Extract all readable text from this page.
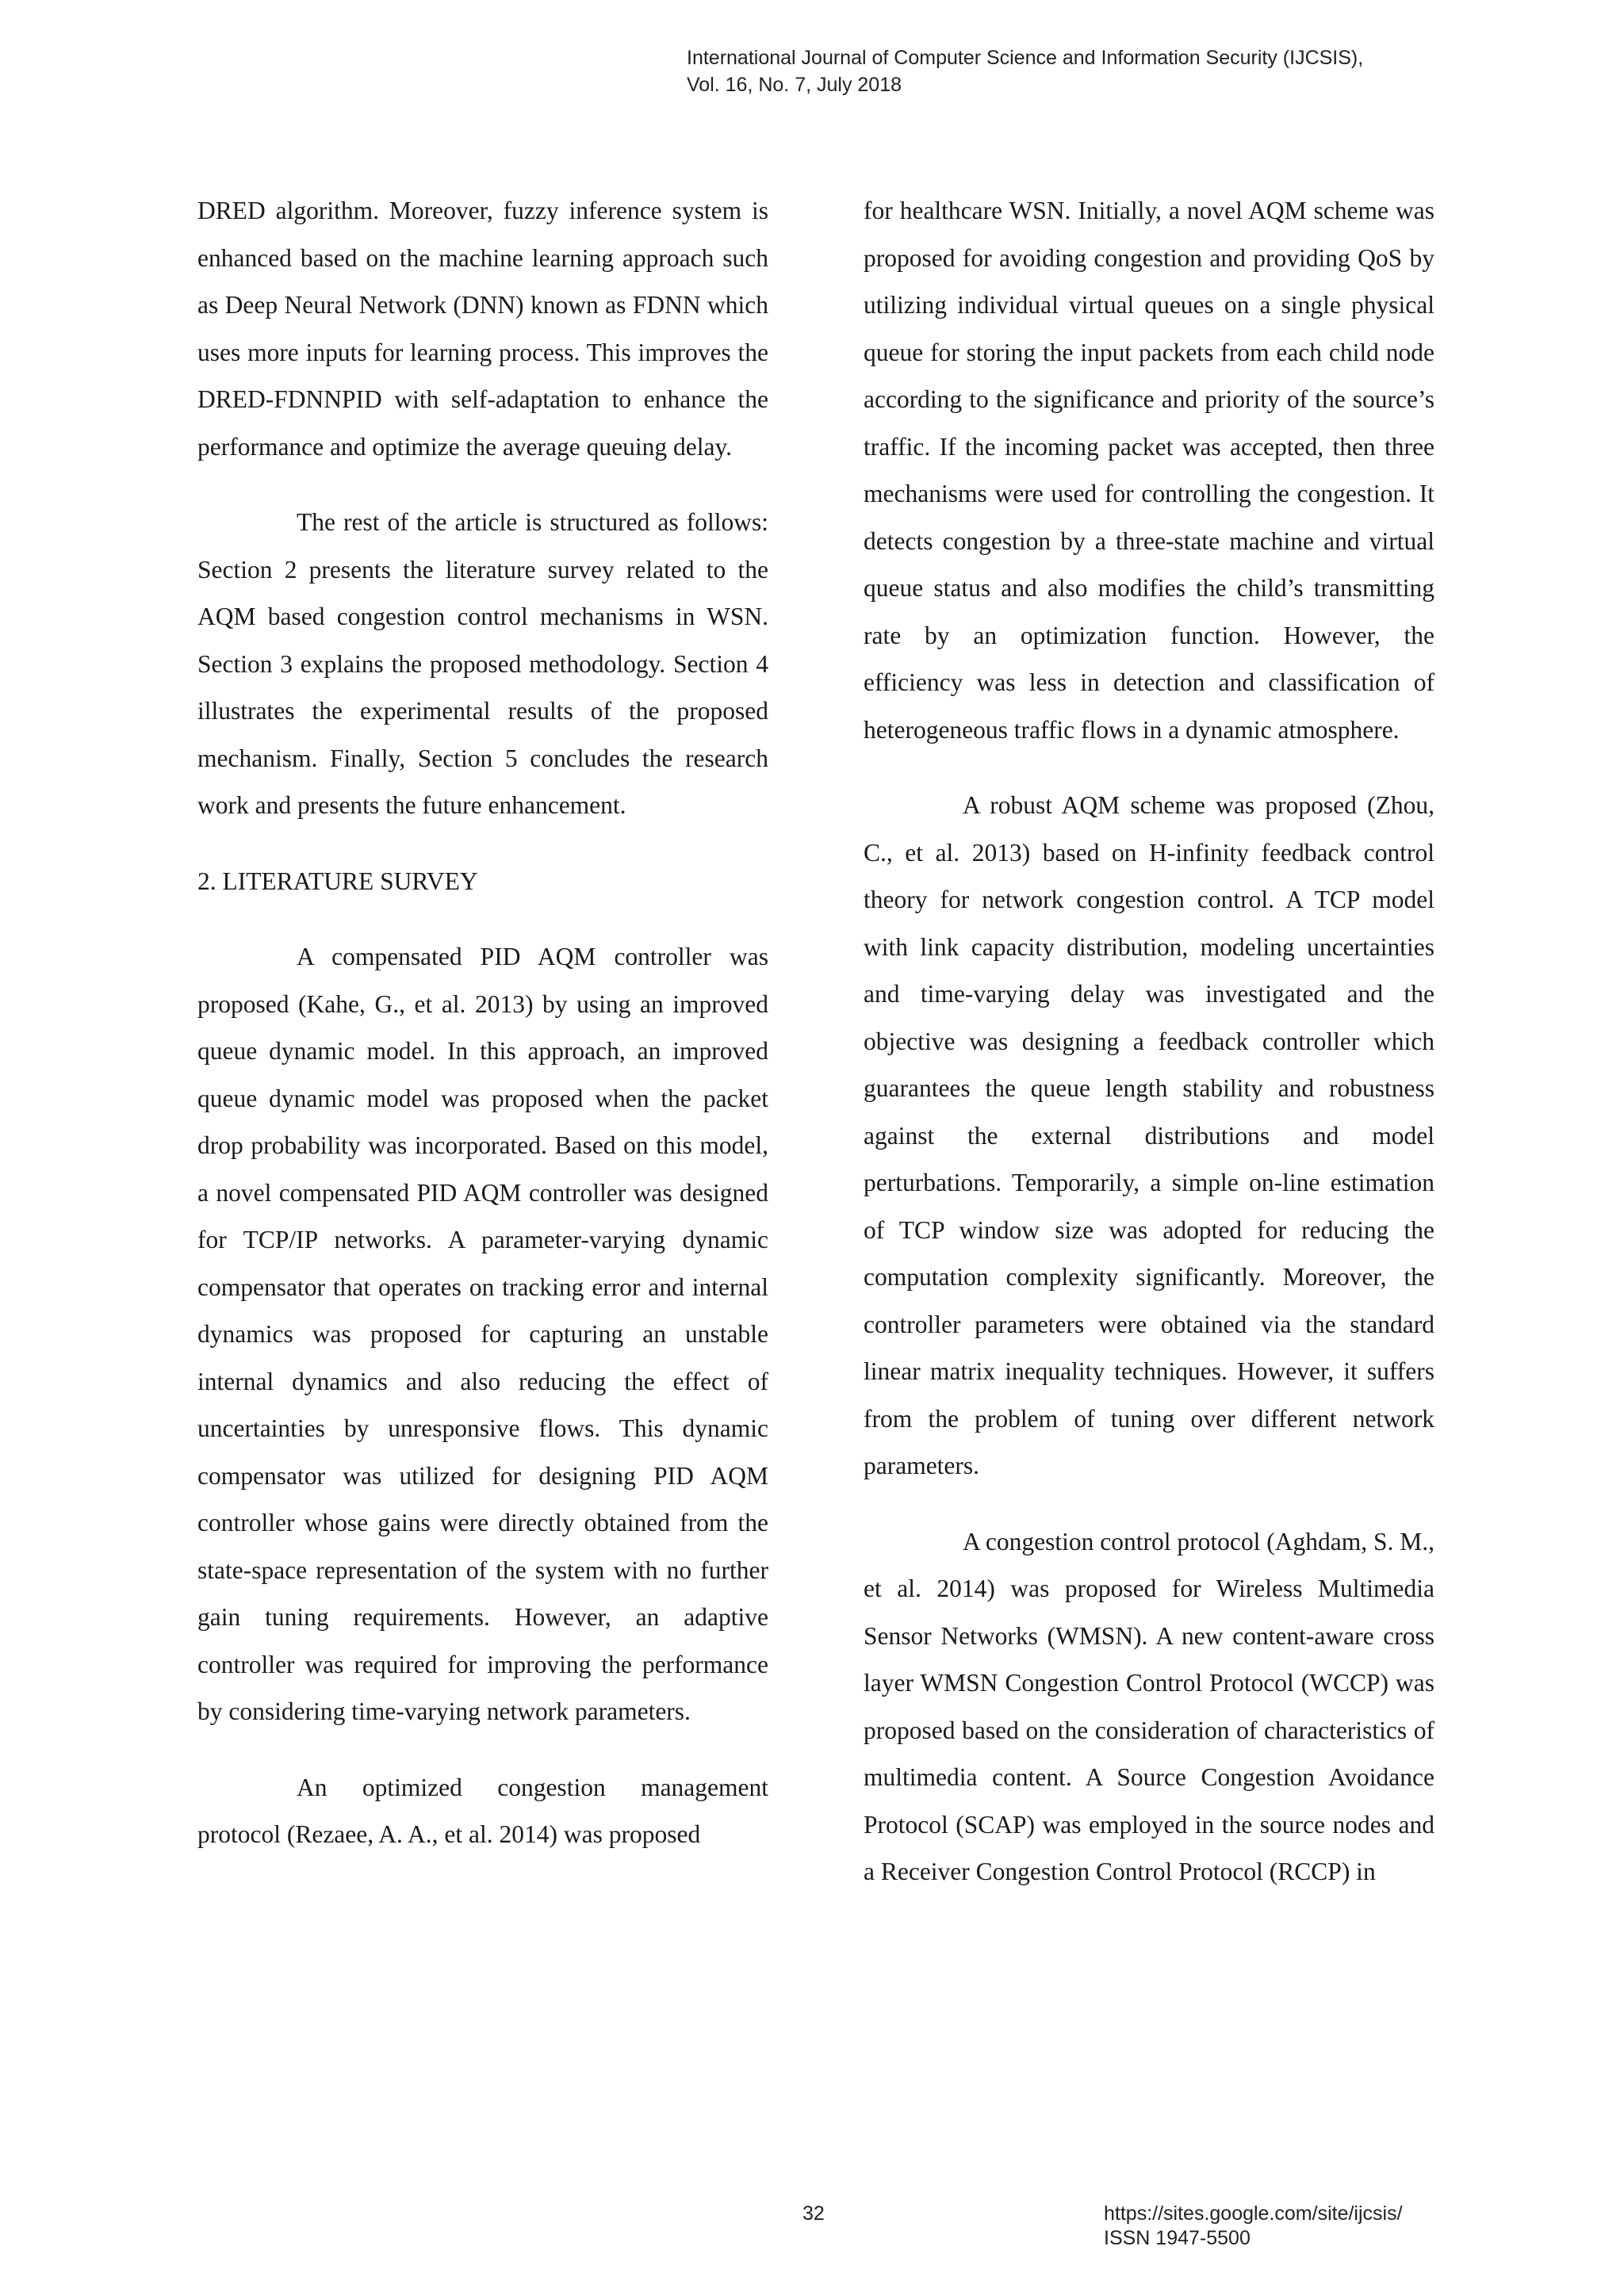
International Journal of Computer Science and Information Security (IJCSIS),
Vol. 16, No. 7, July 2018

DRED algorithm. Moreover, fuzzy inference system is enhanced based on the machine learning approach such as Deep Neural Network (DNN) known as FDNN which uses more inputs for learning process. This improves the DRED-FDNNPID with self-adaptation to enhance the performance and optimize the average queuing delay.

The rest of the article is structured as follows: Section 2 presents the literature survey related to the AQM based congestion control mechanisms in WSN. Section 3 explains the proposed methodology. Section 4 illustrates the experimental results of the proposed mechanism. Finally, Section 5 concludes the research work and presents the future enhancement.

2. LITERATURE SURVEY

A compensated PID AQM controller was proposed (Kahe, G., et al. 2013) by using an improved queue dynamic model. In this approach, an improved queue dynamic model was proposed when the packet drop probability was incorporated. Based on this model, a novel compensated PID AQM controller was designed for TCP/IP networks. A parameter-varying dynamic compensator that operates on tracking error and internal dynamics was proposed for capturing an unstable internal dynamics and also reducing the effect of uncertainties by unresponsive flows. This dynamic compensator was utilized for designing PID AQM controller whose gains were directly obtained from the state-space representation of the system with no further gain tuning requirements. However, an adaptive controller was required for improving the performance by considering time-varying network parameters.

An optimized congestion management protocol (Rezaee, A. A., et al. 2014) was proposed

for healthcare WSN. Initially, a novel AQM scheme was proposed for avoiding congestion and providing QoS by utilizing individual virtual queues on a single physical queue for storing the input packets from each child node according to the significance and priority of the source’s traffic. If the incoming packet was accepted, then three mechanisms were used for controlling the congestion. It detects congestion by a three-state machine and virtual queue status and also modifies the child’s transmitting rate by an optimization function. However, the efficiency was less in detection and classification of heterogeneous traffic flows in a dynamic atmosphere.

A robust AQM scheme was proposed (Zhou, C., et al. 2013) based on H-infinity feedback control theory for network congestion control. A TCP model with link capacity distribution, modeling uncertainties and time-varying delay was investigated and the objective was designing a feedback controller which guarantees the queue length stability and robustness against the external distributions and model perturbations. Temporarily, a simple on-line estimation of TCP window size was adopted for reducing the computation complexity significantly. Moreover, the controller parameters were obtained via the standard linear matrix inequality techniques. However, it suffers from the problem of tuning over different network parameters.

A congestion control protocol (Aghdam, S. M., et al. 2014) was proposed for Wireless Multimedia Sensor Networks (WMSN). A new content-aware cross layer WMSN Congestion Control Protocol (WCCP) was proposed based on the consideration of characteristics of multimedia content. A Source Congestion Avoidance Protocol (SCAP) was employed in the source nodes and a Receiver Congestion Control Protocol (RCCP) in

32	https://sites.google.com/site/ijcsis/
ISSN 1947-5500
